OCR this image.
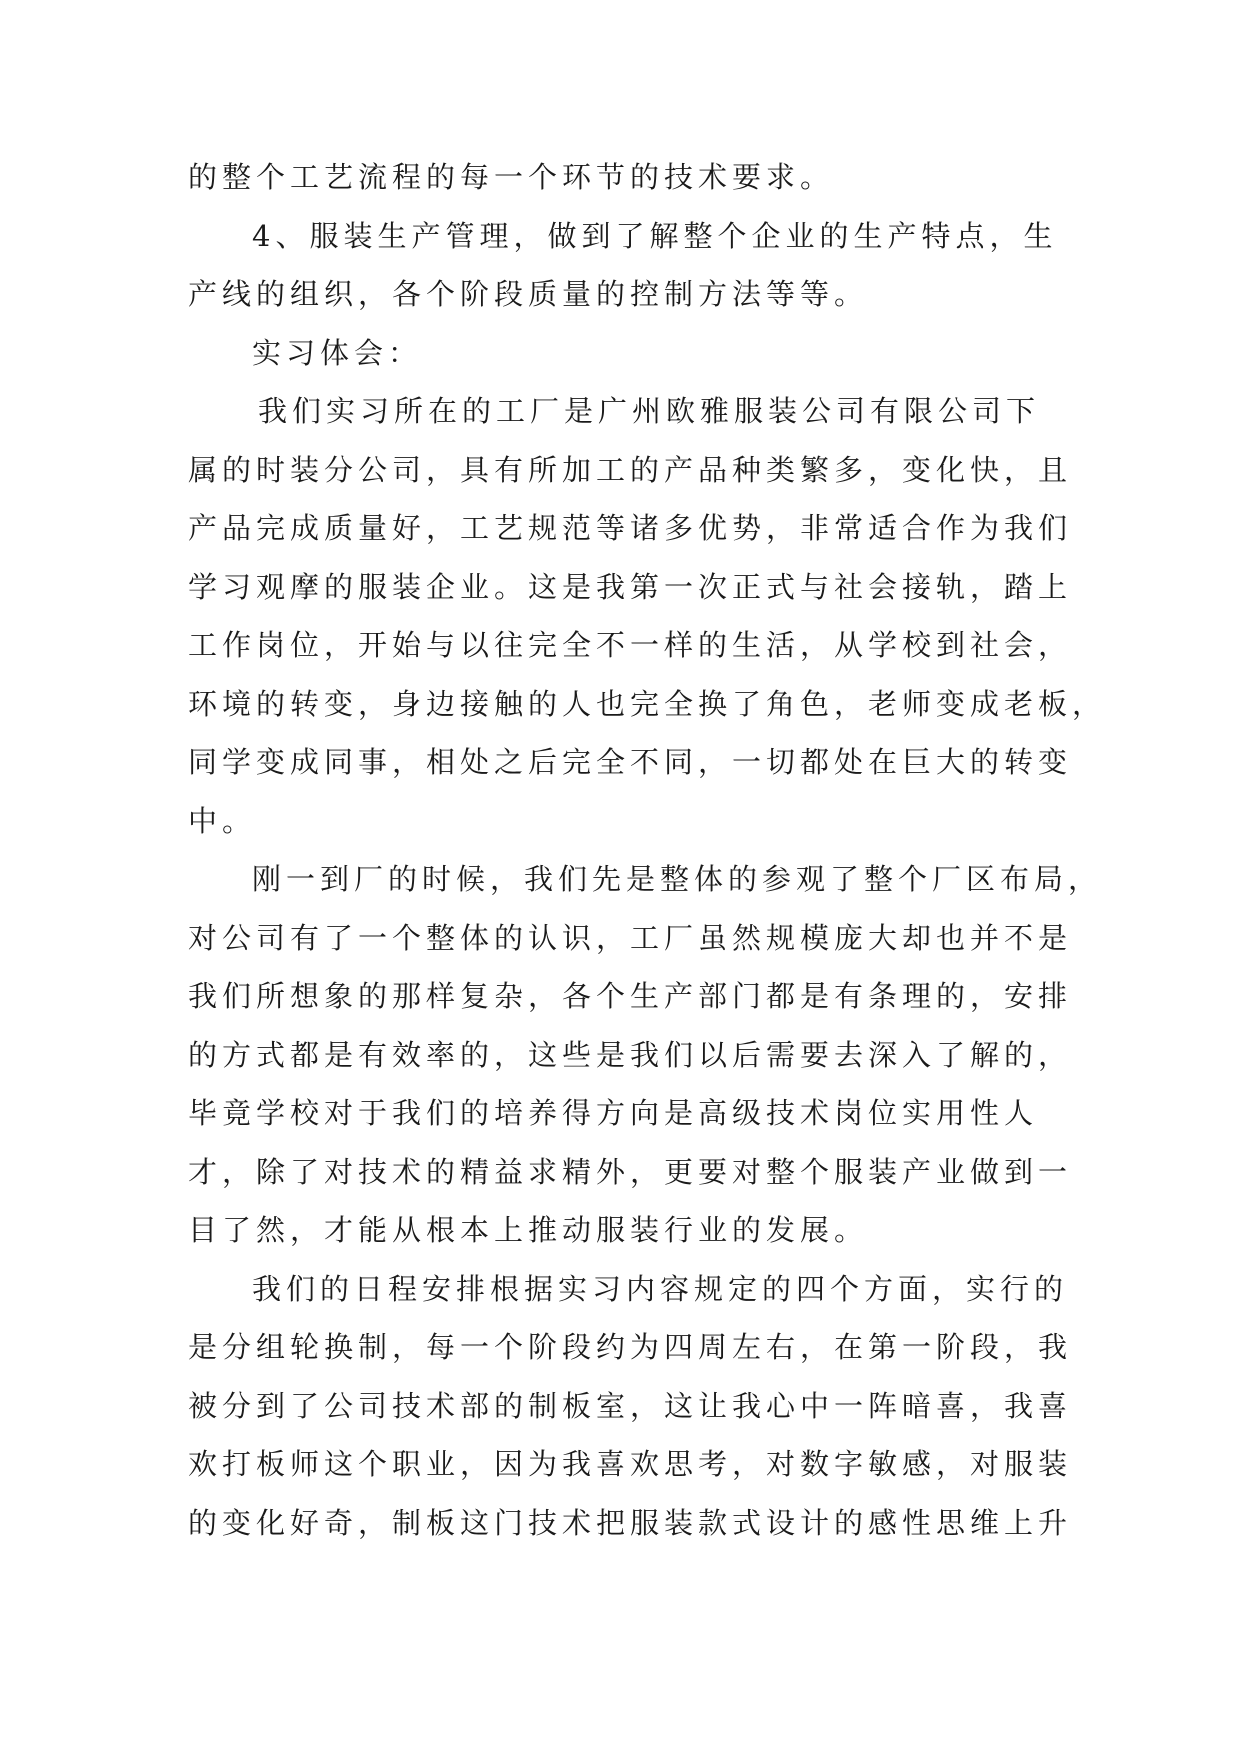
的整个工艺流程的每一个环节的技术要求。

4、服装生产管理，做到了解整个企业的生产特点，生

产线的组织，各个阶段质量的控制方法等等。

实习体会：

我们实习所在的工厂是广州欧雅服装公司有限公司下

属的时装分公司，具有所加工的产品种类繁多，变化快，且

产品完成质量好，工艺规范等诸多优势，非常适合作为我们

学习观摩的服装企业。这是我第一次正式与社会接轨，踏上

工作岗位，开始与以往完全不一样的生活，从学校到社会，

环境的转变，身边接触的人也完全换了角色，老师变成老板，

同学变成同事，相处之后完全不同，一切都处在巨大的转变

中。

刚一到厂的时候，我们先是整体的参观了整个厂区布局，

对公司有了一个整体的认识，工厂虽然规模庞大却也并不是

我们所想象的那样复杂，各个生产部门都是有条理的，安排

的方式都是有效率的，这些是我们以后需要去深入了解的，

毕竟学校对于我们的培养得方向是高级技术岗位实用性人

才，除了对技术的精益求精外，更要对整个服装产业做到一

目了然，才能从根本上推动服装行业的发展。

我们的日程安排根据实习内容规定的四个方面，实行的

是分组轮换制，每一个阶段约为四周左右，在第一阶段，我

被分到了公司技术部的制板室，这让我心中一阵暗喜，我喜

欢打板师这个职业，因为我喜欢思考，对数字敏感，对服装

的变化好奇，制板这门技术把服装款式设计的感性思维上升
